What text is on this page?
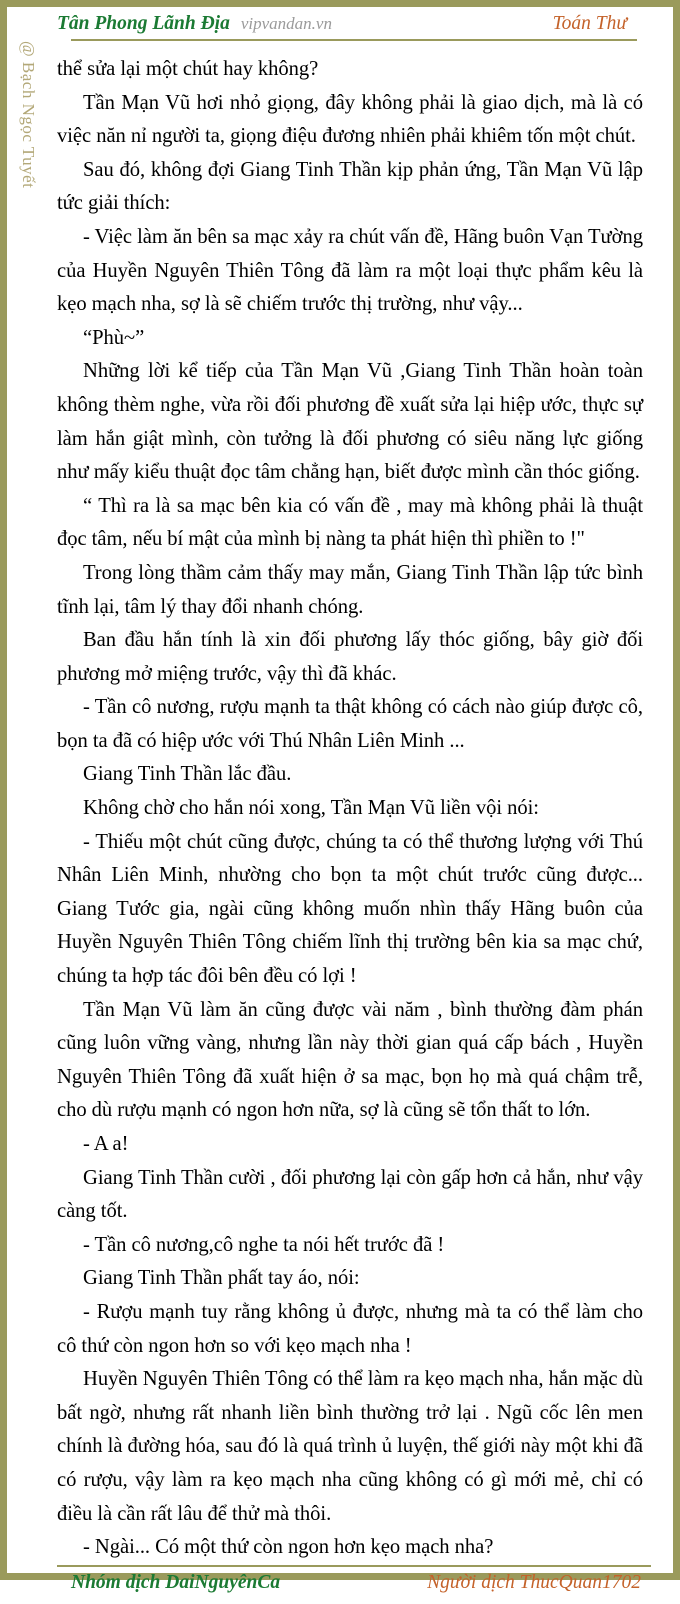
@ Bạch Ngọc Tuyết
Tân Phong Lãnh Địa vipvandan.vn	Toán Thư

thể sửa lại một chút hay không?

Tần Mạn Vũ hơi nhỏ giọng, đây không phải là giao dịch, mà là có việc năn nỉ người ta, giọng điệu đương nhiên phải khiêm tốn một chút.

Sau đó, không đợi Giang Tinh Thần kịp phản ứng, Tần Mạn Vũ lập tức giải thích:

- Việc làm ăn bên sa mạc xảy ra chút vấn đề, Hãng buôn Vạn Tường của Huyền Nguyên Thiên Tông đã làm ra một loại thực phẩm kêu là kẹo mạch nha, sợ là sẽ chiếm trước thị trường, như vậy...

“Phù~”

Những lời kể tiếp của Tần Mạn Vũ ,Giang Tinh Thần hoàn toàn không thèm nghe, vừa rồi đối phương đề xuất sửa lại hiệp ước, thực sự làm hắn giật mình, còn tưởng là đối phương có siêu năng lực giống như mấy kiểu thuật đọc tâm chẳng hạn, biết được mình cần thóc giống.

“ Thì ra là sa mạc bên kia có vấn đề , may mà không phải là thuật đọc tâm, nếu bí mật của mình bị nàng ta phát hiện thì phiền to !"

Trong lòng thầm cảm thấy may mắn, Giang Tinh Thần lập tức bình tĩnh lại, tâm lý thay đổi nhanh chóng.

Ban đầu hắn tính là xin đối phương lấy thóc giống, bây giờ đối phương mở miệng trước, vậy thì đã khác.

- Tần cô nương, rượu mạnh ta thật không có cách nào giúp được cô, bọn ta đã có hiệp ước với Thú Nhân Liên Minh ...

Giang Tinh Thần lắc đầu.

Không chờ cho hắn nói xong, Tần Mạn Vũ liền vội nói:

- Thiếu một chút cũng được, chúng ta có thể thương lượng với Thú Nhân Liên Minh, nhường cho bọn ta một chút trước cũng được... Giang Tước gia, ngài cũng không muốn nhìn thấy Hãng buôn của Huyền Nguyên Thiên Tông chiếm lĩnh thị trường bên kia sa mạc chứ, chúng ta hợp tác đôi bên đều có lợi !

Tần Mạn Vũ làm ăn cũng được vài năm , bình thường đàm phán cũng luôn vững vàng, nhưng lần này thời gian quá cấp bách , Huyền Nguyên Thiên Tông đã xuất hiện ở sa mạc, bọn họ mà quá chậm trễ, cho dù rượu mạnh có ngon hơn nữa, sợ là cũng sẽ tổn thất to lớn.

- A a!

Giang Tinh Thần cười , đối phương lại còn gấp hơn cả hắn, như vậy càng tốt.

- Tần cô nương,cô nghe ta nói hết trước đã !

Giang Tinh Thần phất tay áo, nói:

- Rượu mạnh tuy rằng không ủ được, nhưng mà ta có thể làm cho cô thứ còn ngon hơn so với kẹo mạch nha !

Huyền Nguyên Thiên Tông có thể làm ra kẹo mạch nha, hắn mặc dù bất ngờ, nhưng rất nhanh liền bình thường trở lại . Ngũ cốc lên men chính là đường hóa, sau đó là quá trình ủ luyện, thế giới này một khi đã có rượu, vậy làm ra kẹo mạch nha cũng không có gì mới mẻ, chỉ có điều là cần rất lâu để thử mà thôi.

- Ngài... Có một thứ còn ngon hơn kẹo mạch nha?

Nhóm dịch DaiNguyênCa	Người dịch ThucQuan1702
